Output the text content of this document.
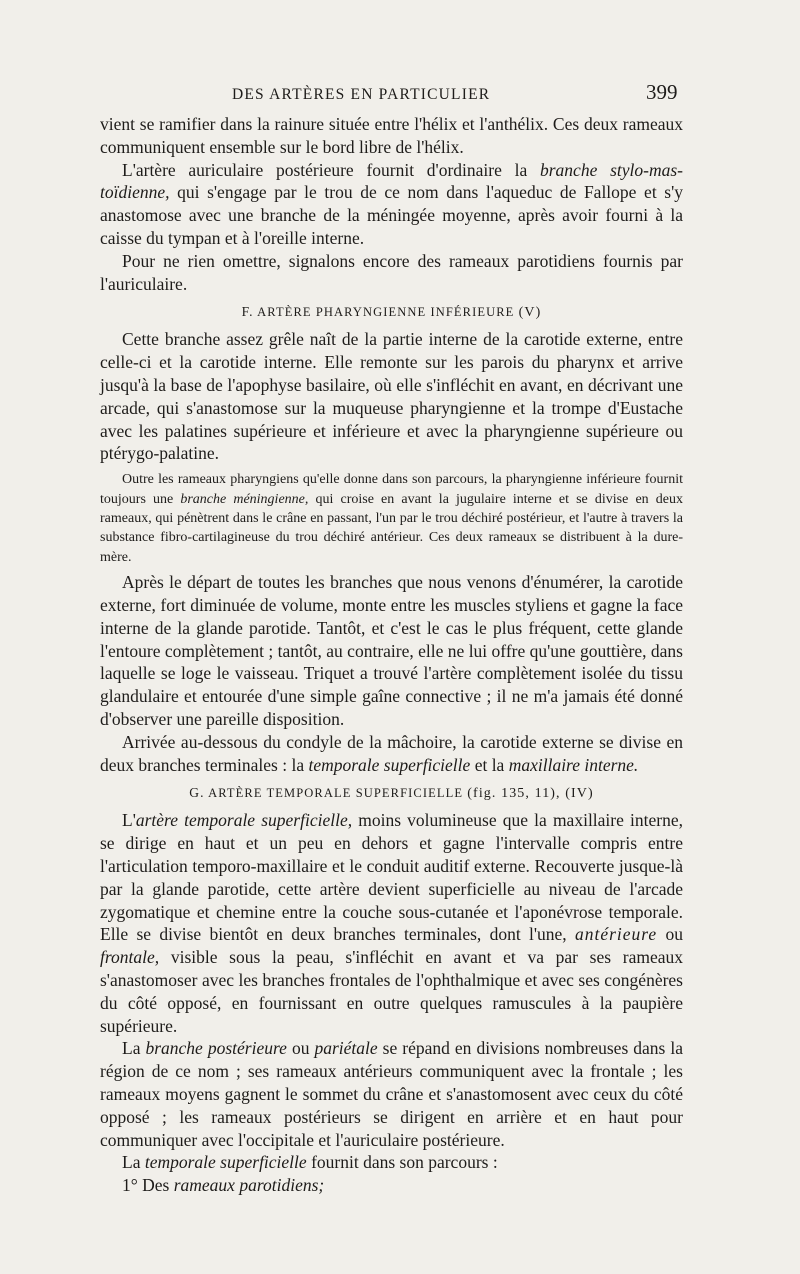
DES ARTÈRES EN PARTICULIER	399

vient se ramifier dans la rainure située entre l'hélix et l'anthélix. Ces deux rameaux communiquent ensemble sur le bord libre de l'hélix.

L'artère auriculaire postérieure fournit d'ordinaire la branche stylo-mas-toïdienne, qui s'engage par le trou de ce nom dans l'aqueduc de Fallope et s'y anastomose avec une branche de la méningée moyenne, après avoir fourni à la caisse du tympan et à l'oreille interne.

Pour ne rien omettre, signalons encore des rameaux parotidiens fournis par l'auriculaire.

F. ARTÈRE PHARYNGIENNE INFÉRIEURE (V)

Cette branche assez grêle naît de la partie interne de la carotide externe, entre celle-ci et la carotide interne. Elle remonte sur les parois du pharynx et arrive jusqu'à la base de l'apophyse basilaire, où elle s'infléchit en avant, en décrivant une arcade, qui s'anastomose sur la muqueuse pharyngienne et la trompe d'Eustache avec les palatines supérieure et inférieure et avec la pharyngienne supérieure ou ptérygo-palatine.

Outre les rameaux pharyngiens qu'elle donne dans son parcours, la pharyngienne inférieure fournit toujours une branche méningienne, qui croise en avant la jugulaire interne et se divise en deux rameaux, qui pénètrent dans le crâne en passant, l'un par le trou déchiré postérieur, et l'autre à travers la substance fibro-cartilagineuse du trou déchiré antérieur. Ces deux rameaux se distribuent à la dure-mère.

Après le départ de toutes les branches que nous venons d'énumérer, la carotide externe, fort diminuée de volume, monte entre les muscles styliens et gagne la face interne de la glande parotide. Tantôt, et c'est le cas le plus fréquent, cette glande l'entoure complètement ; tantôt, au contraire, elle ne lui offre qu'une gouttière, dans laquelle se loge le vaisseau. Triquet a trouvé l'artère complètement isolée du tissu glandulaire et entourée d'une simple gaîne connective ; il ne m'a jamais été donné d'observer une pareille disposition.

Arrivée au-dessous du condyle de la mâchoire, la carotide externe se divise en deux branches terminales : la temporale superficielle et la maxillaire interne.

G. ARTÈRE TEMPORALE SUPERFICIELLE (fig. 135, 11), (IV)

L'artère temporale superficielle, moins volumineuse que la maxillaire interne, se dirige en haut et un peu en dehors et gagne l'intervalle compris entre l'articulation temporo-maxillaire et le conduit auditif externe. Recouverte jusque-là par la glande parotide, cette artère devient superficielle au niveau de l'arcade zygomatique et chemine entre la couche sous-cutanée et l'aponévrose temporale. Elle se divise bientôt en deux branches terminales, dont l'une, antérieure ou frontale, visible sous la peau, s'infléchit en avant et va par ses rameaux s'anastomoser avec les branches frontales de l'ophthalmique et avec ses congénères du côté opposé, en fournissant en outre quelques ramuscules à la paupière supérieure.

La branche postérieure ou pariétale se répand en divisions nombreuses dans la région de ce nom ; ses rameaux antérieurs communiquent avec la frontale ; les rameaux moyens gagnent le sommet du crâne et s'anastomosent avec ceux du côté opposé ; les rameaux postérieurs se dirigent en arrière et en haut pour communiquer avec l'occipitale et l'auriculaire postérieure.

La temporale superficielle fournit dans son parcours :

1° Des rameaux parotidiens;
